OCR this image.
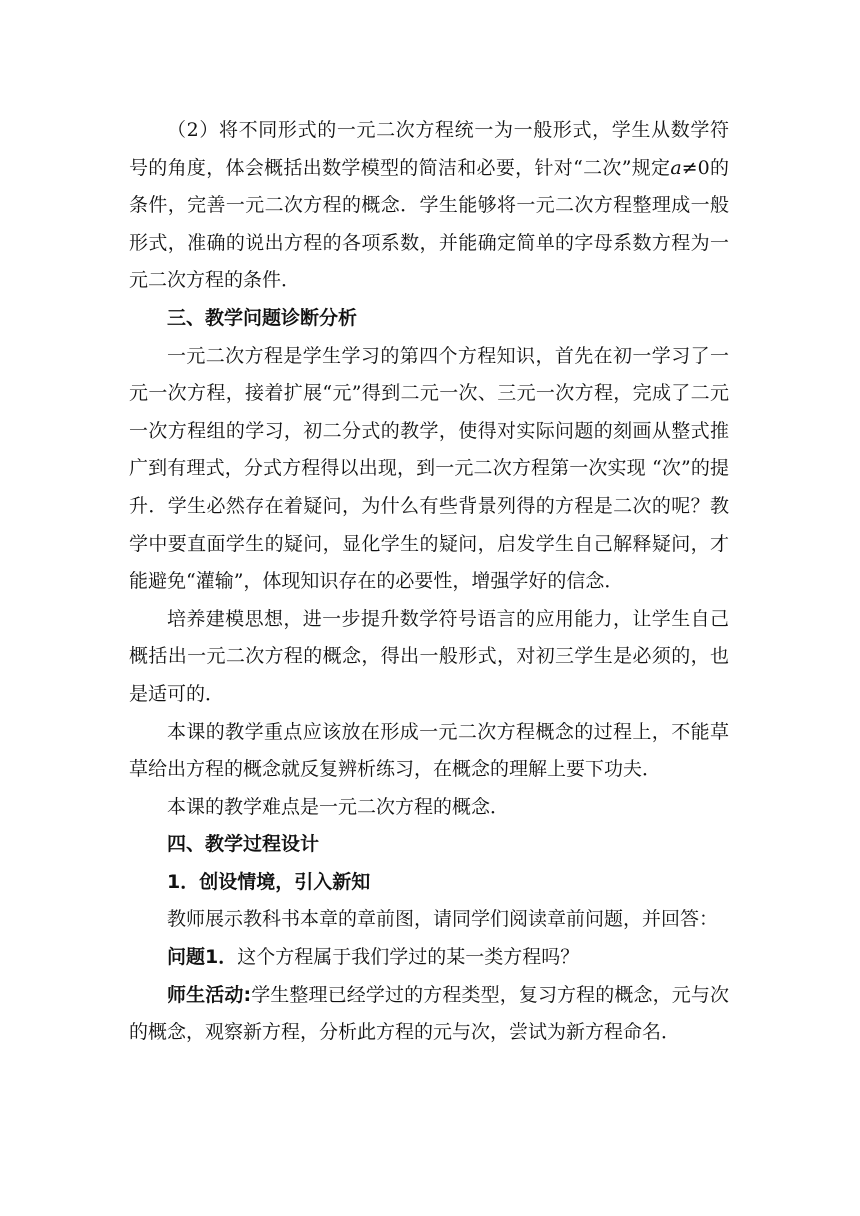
（2）将不同形式的一元二次方程统一为一般形式，学生从数学符号的角度，体会概括出数学模型的简洁和必要，针对“二次”规定a≠0的条件，完善一元二次方程的概念．学生能够将一元二次方程整理成一般形式，准确的说出方程的各项系数，并能确定简单的字母系数方程为一元二次方程的条件．

三、教学问题诊断分析

一元二次方程是学生学习的第四个方程知识，首先在初一学习了一元一次方程，接着扩展“元”得到二元一次、三元一次方程，完成了二元一次方程组的学习，初二分式的教学，使得对实际问题的刻画从整式推广到有理式，分式方程得以出现，到一元二次方程第一次实现 “次”的提升．学生必然存在着疑问，为什么有些背景列得的方程是二次的呢？教学中要直面学生的疑问，显化学生的疑问，启发学生自己解释疑问，才能避免“灌输”，体现知识存在的必要性，增强学好的信念．

培养建模思想，进一步提升数学符号语言的应用能力，让学生自己概括出一元二次方程的概念，得出一般形式，对初三学生是必须的，也是适可的．

本课的教学重点应该放在形成一元二次方程概念的过程上，不能草草给出方程的概念就反复辨析练习，在概念的理解上要下功夫．

本课的教学难点是一元二次方程的概念．

四、教学过程设计

1．创设情境，引入新知

教师展示教科书本章的章前图，请同学们阅读章前问题，并回答：

问题1．这个方程属于我们学过的某一类方程吗？

师生活动:学生整理已经学过的方程类型，复习方程的概念，元与次的概念，观察新方程，分析此方程的元与次，尝试为新方程命名．
